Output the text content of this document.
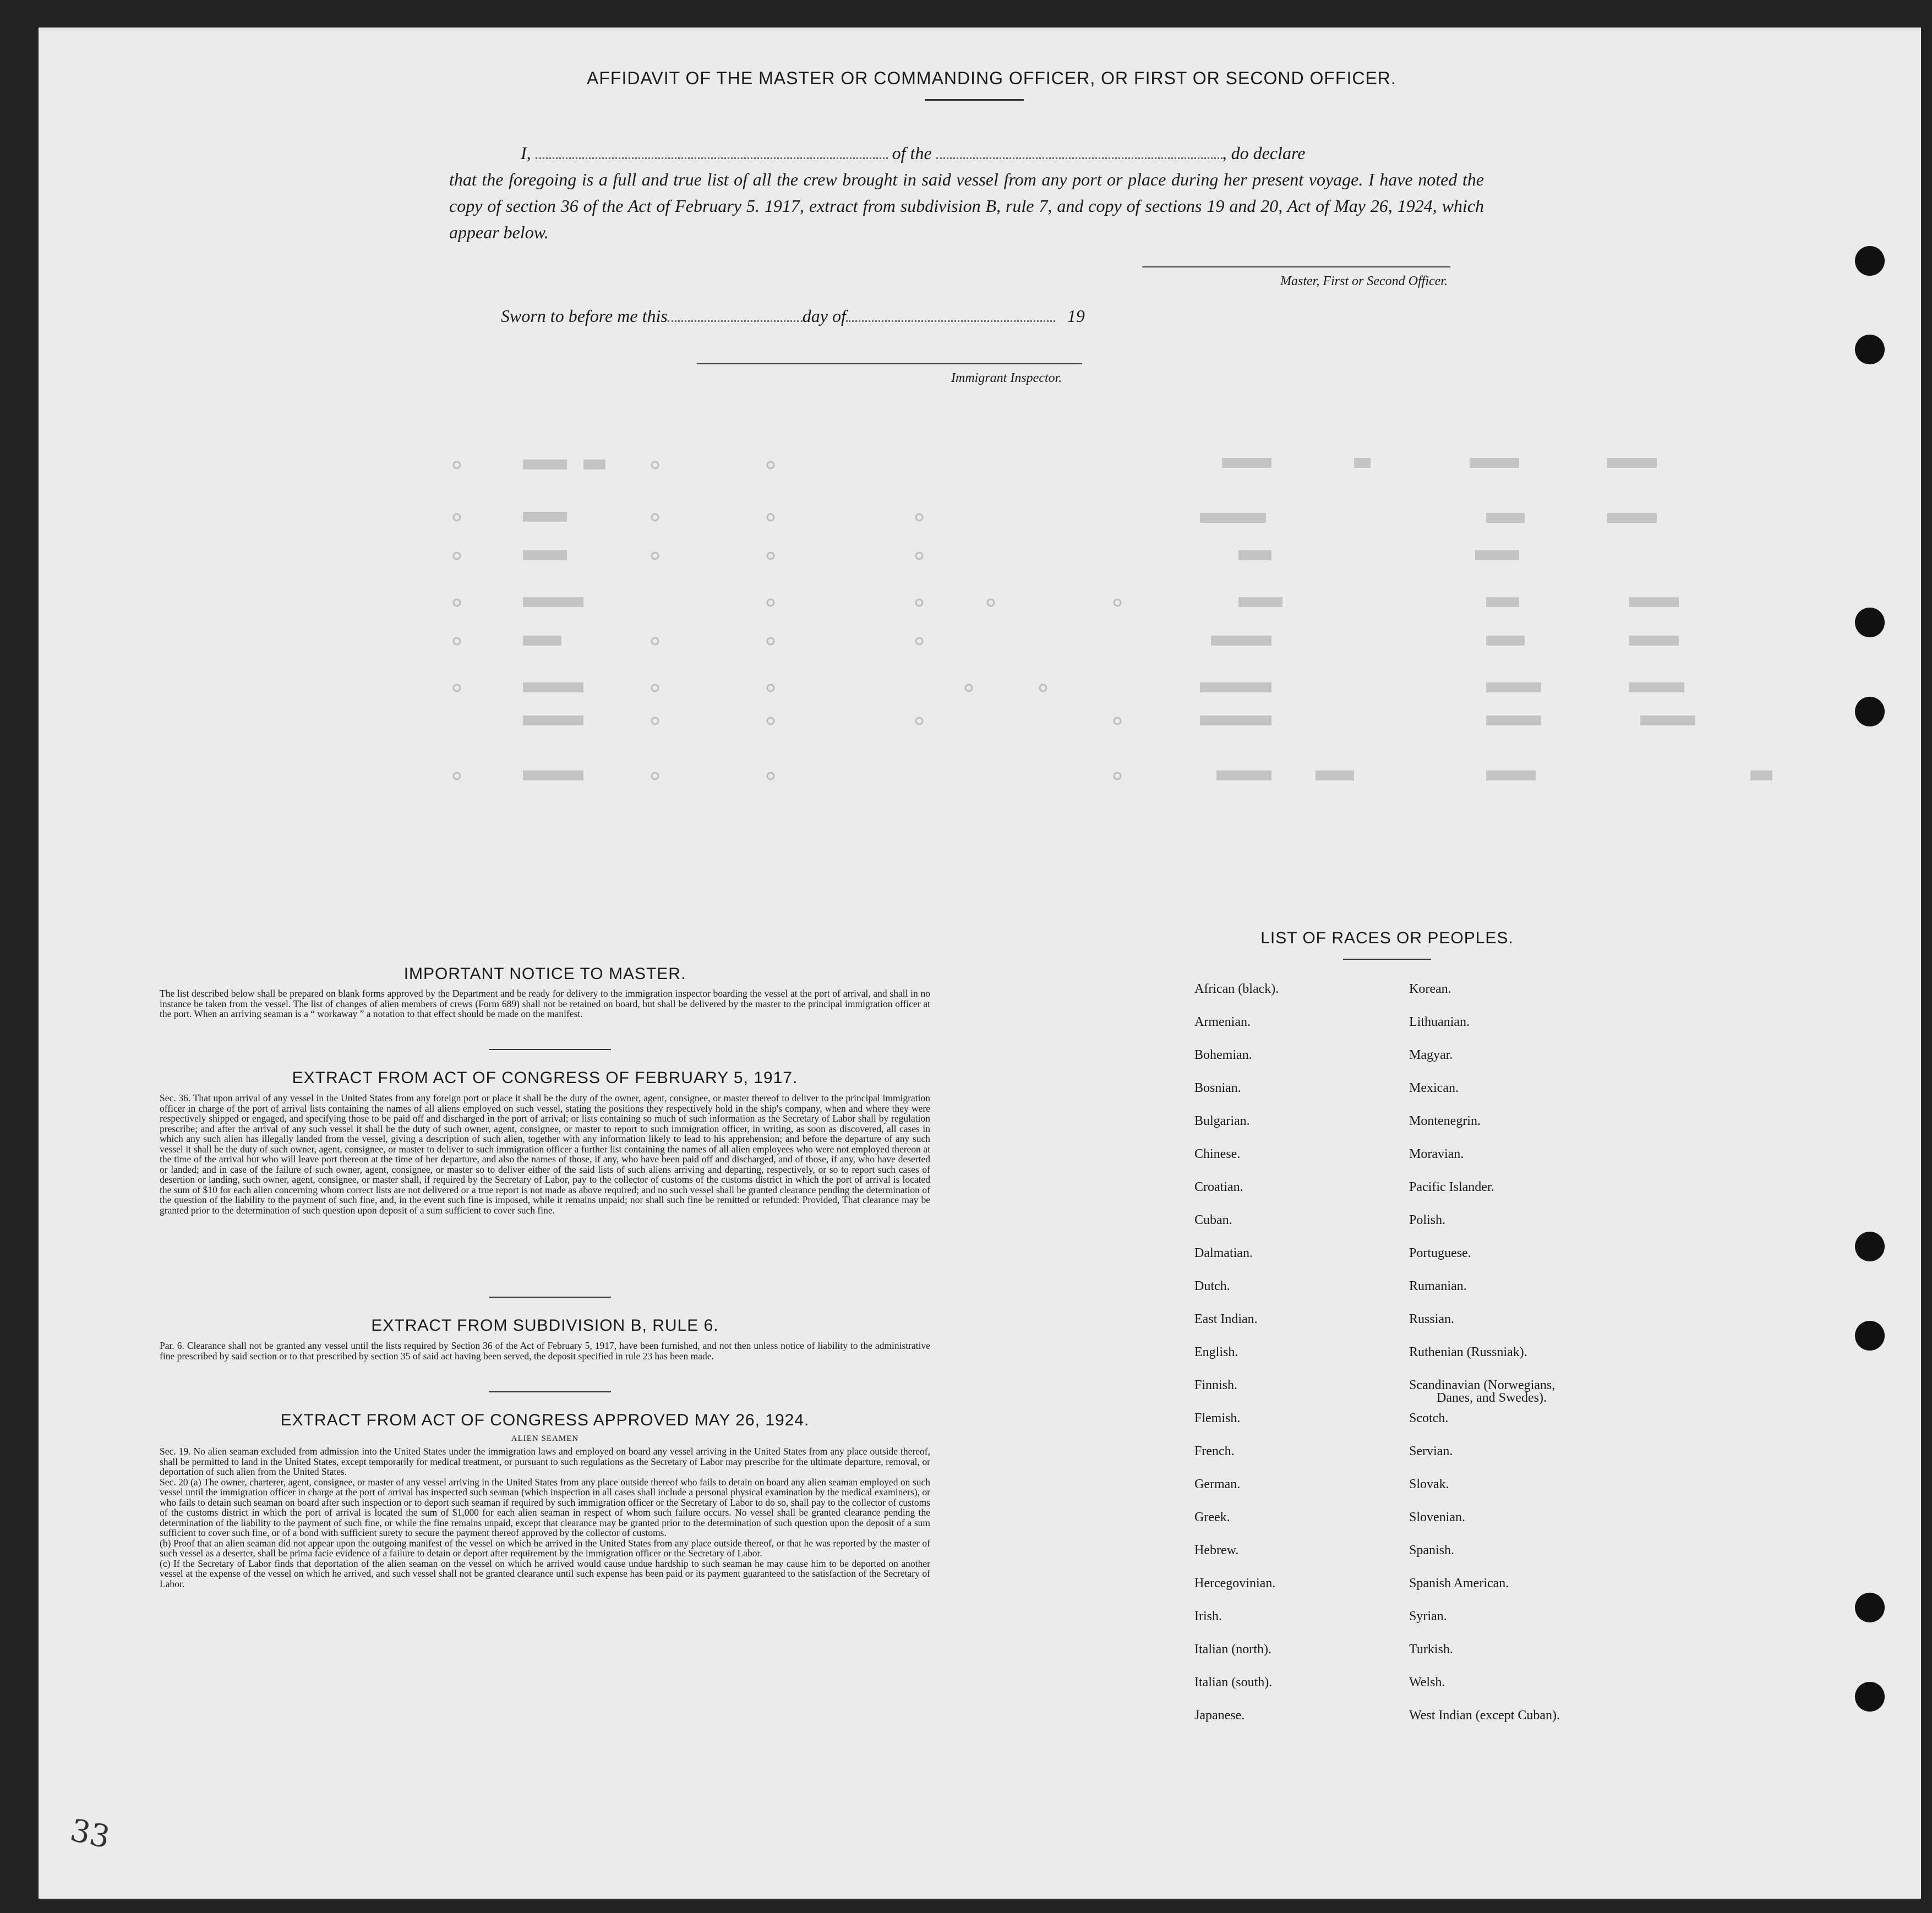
AFFIDAVIT OF THE MASTER OR COMMANDING OFFICER, OR FIRST OR SECOND OFFICER.
I,	of the	, do declare
that the foregoing is a full and true list of all the crew brought in said vessel from any port or place during her present voyage. I have noted the copy of section 36 of the Act of February 5. 1917, extract from subdivision B, rule 7, and copy of sections 19 and 20, Act of May 26, 1924, which appear below.
Master, First or Second Officer.
Sworn to before me this	day of	19
Immigrant Inspector.
IMPORTANT NOTICE TO MASTER.
The list described below shall be prepared on blank forms approved by the Department and be ready for delivery to the immigration inspector boarding the vessel at the port of arrival, and shall in no instance be taken from the vessel. The list of changes of alien members of crews (Form 689) shall not be retained on board, but shall be delivered by the master to the principal immigration officer at the port. When an arriving seaman is a “ workaway ” a notation to that effect should be made on the manifest.
EXTRACT FROM ACT OF CONGRESS OF FEBRUARY 5, 1917.
Sec. 36. That upon arrival of any vessel in the United States from any foreign port or place it shall be the duty of the owner, agent, consignee, or master thereof to deliver to the principal immigration officer in charge of the port of arrival lists containing the names of all aliens employed on such vessel, stating the positions they respectively hold in the ship's company, when and where they were respectively shipped or engaged, and specifying those to be paid off and discharged in the port of arrival; or lists containing so much of such information as the Secretary of Labor shall by regulation prescribe; and after the arrival of any such vessel it shall be the duty of such owner, agent, consignee, or master to report to such immigration officer, in writing, as soon as discovered, all cases in which any such alien has illegally landed from the vessel, giving a description of such alien, together with any information likely to lead to his apprehension; and before the departure of any such vessel it shall be the duty of such owner, agent, consignee, or master to deliver to such immigration officer a further list containing the names of all alien employees who were not employed thereon at the time of the arrival but who will leave port thereon at the time of her departure, and also the names of those, if any, who have been paid off and discharged, and of those, if any, who have deserted or landed; and in case of the failure of such owner, agent, consignee, or master so to deliver either of the said lists of such aliens arriving and departing, respectively, or so to report such cases of desertion or landing, such owner, agent, consignee, or master shall, if required by the Secretary of Labor, pay to the collector of customs of the customs district in which the port of arrival is located the sum of $10 for each alien concerning whom correct lists are not delivered or a true report is not made as above required; and no such vessel shall be granted clearance pending the determination of the question of the liability to the payment of such fine, and, in the event such fine is imposed, while it remains unpaid; nor shall such fine be remitted or refunded: Provided, That clearance may be granted prior to the determination of such question upon deposit of a sum sufficient to cover such fine.
EXTRACT FROM SUBDIVISION B, RULE 6.
Par. 6. Clearance shall not be granted any vessel until the lists required by Section 36 of the Act of February 5, 1917, have been furnished, and not then unless notice of liability to the administrative fine prescribed by said section or to that prescribed by section 35 of said act having been served, the deposit specified in rule 23 has been made.
EXTRACT FROM ACT OF CONGRESS APPROVED MAY 26, 1924.
ALIEN SEAMEN
Sec. 19. No alien seaman excluded from admission into the United States under the immigration laws and employed on board any vessel arriving in the United States from any place outside thereof, shall be permitted to land in the United States, except temporarily for medical treatment, or pursuant to such regulations as the Secretary of Labor may prescribe for the ultimate departure, removal, or deportation of such alien from the United States.
Sec. 20 (a) The owner, charterer, agent, consignee, or master of any vessel arriving in the United States from any place outside thereof who fails to detain on board any alien seaman employed on such vessel until the immigration officer in charge at the port of arrival has inspected such seaman (which inspection in all cases shall include a personal physical examination by the medical examiners), or who fails to detain such seaman on board after such inspection or to deport such seaman if required by such immigration officer or the Secretary of Labor to do so, shall pay to the collector of customs of the customs district in which the port of arrival is located the sum of $1,000 for each alien seaman in respect of whom such failure occurs. No vessel shall be granted clearance pending the determination of the liability to the payment of such fine, or while the fine remains unpaid, except that clearance may be granted prior to the determination of such question upon the deposit of a sum sufficient to cover such fine, or of a bond with sufficient surety to secure the payment thereof approved by the collector of customs.
(b) Proof that an alien seaman did not appear upon the outgoing manifest of the vessel on which he arrived in the United States from any place outside thereof, or that he was reported by the master of such vessel as a deserter, shall be prima facie evidence of a failure to detain or deport after requirement by the immigration officer or the Secretary of Labor.
(c) If the Secretary of Labor finds that deportation of the alien seaman on the vessel on which he arrived would cause undue hardship to such seaman he may cause him to be deported on another vessel at the expense of the vessel on which he arrived, and such vessel shall not be granted clearance until such expense has been paid or its payment guaranteed to the satisfaction of the Secretary of Labor.
LIST OF RACES OR PEOPLES.
African (black).
Armenian.
Bohemian.
Bosnian.
Bulgarian.
Chinese.
Croatian.
Cuban.
Dalmatian.
Dutch.
East Indian.
English.
Finnish.
Flemish.
French.
German.
Greek.
Hebrew.
Hercegovinian.
Irish.
Italian (north).
Italian (south).
Japanese.
Korean.
Lithuanian.
Magyar.
Mexican.
Montenegrin.
Moravian.
Pacific Islander.
Polish.
Portuguese.
Rumanian.
Russian.
Ruthenian (Russniak).
Scandinavian (Norwegians,
Scotch.
Servian.
Slovak.
Slovenian.
Spanish.
Spanish American.
Syrian.
Turkish.
Welsh.
West Indian (except Cuban).
Danes, and Swedes).
33
